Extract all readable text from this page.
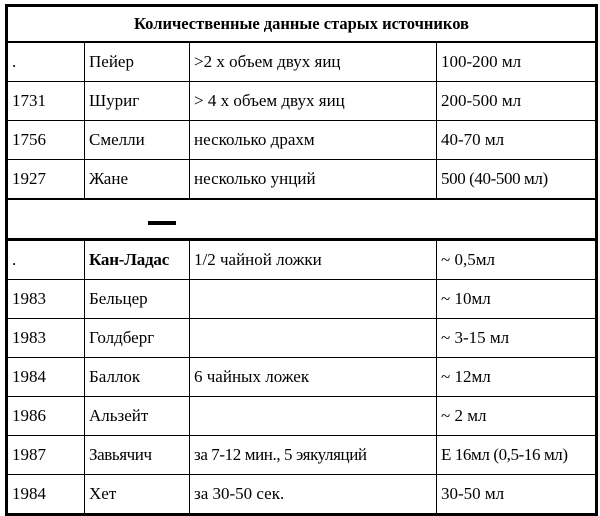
Количественные данные старых источников			
.	Пейер	>2 x объем двух яиц	100-200 мл
1731	Шуриг	> 4 х объем двух яиц	200-500 мл
1756	Смелли	несколько драхм	40-70 мл
1927	Жане	несколько унций	500 (40-500 мл)

.	Кан-Ладас	1/2 чайной ложки	~ 0,5мл
1983	Бельцер		~ 10мл
1983	Голдберг		~ 3-15 мл
1984	Баллок	6 чайных ложек	~ 12мл
1986	Альзейт		~ 2 мл
1987	Завьячич	за 7-12 мин., 5 эякуляций	Е 16мл (0,5-16 мл)
1984	Хет	за 30-50 сек.	30-50 мл
